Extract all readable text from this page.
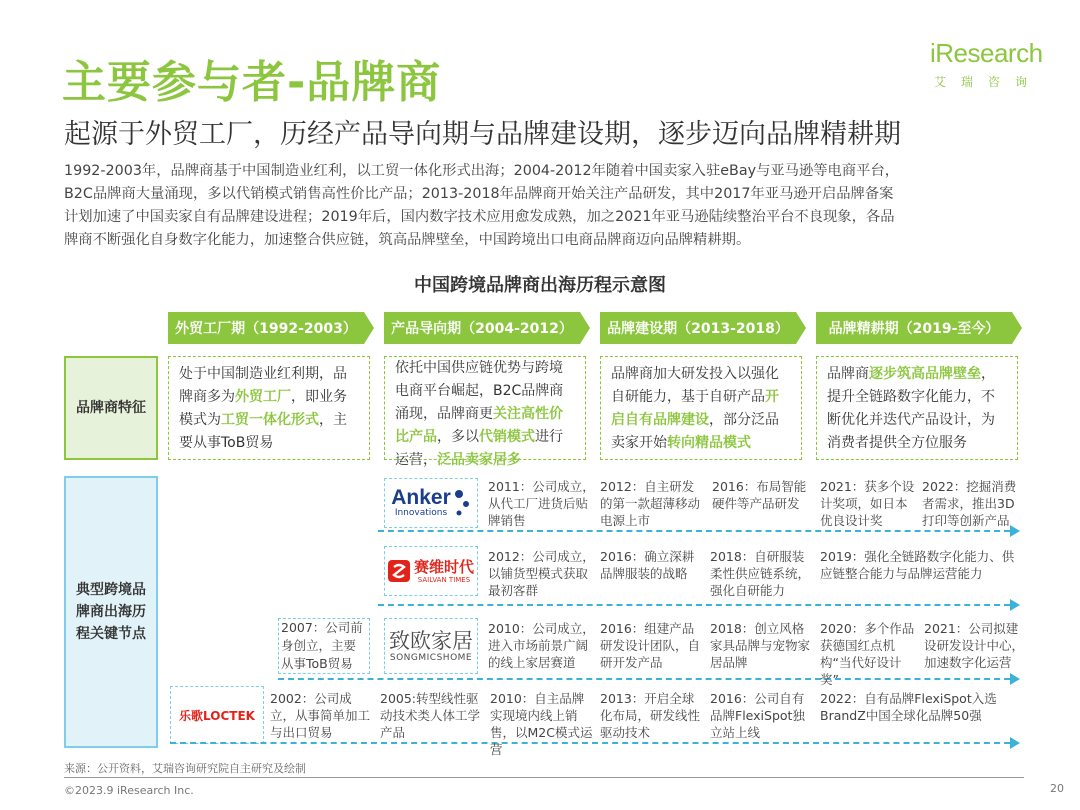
主要参与者-品牌商
iResearch
艾瑞咨询
起源于外贸工厂，历经产品导向期与品牌建设期，逐步迈向品牌精耕期
1992-2003年，品牌商基于中国制造业红利，以工贸一体化形式出海；2004-2012年随着中国卖家入驻eBay与亚马逊等电商平台，
B2C品牌商大量涌现，多以代销模式销售高性价比产品；2013-2018年品牌商开始关注产品研发，其中2017年亚马逊开启品牌备案
计划加速了中国卖家自有品牌建设进程；2019年后，国内数字技术应用愈发成熟，加之2021年亚马逊陆续整治平台不良现象，各品
牌商不断强化自身数字化能力，加速整合供应链，筑高品牌壁垒，中国跨境出口电商品牌商迈向品牌精耕期。
中国跨境品牌商出海历程示意图
外贸工厂期（1992-2003） 产品导向期（2004-2012） 品牌建设期（2013-2018）	品牌精耕期（2019-至今）
品牌商特征
典型跨境品牌商出海历程关键节点
处于中国制造业红利期，品牌商多为外贸工厂，即业务模式为工贸一体化形式，主要从事ToB贸易
依托中国供应链优势与跨境电商平台崛起，B2C品牌商涌现，品牌商更关注高性价比产品，多以代销模式进行运营，泛品卖家居多
品牌商加大研发投入以强化自研能力，基于自研产品开启自有品牌建设，部分泛品卖家开始转向精品模式
品牌商逐步筑高品牌壁垒，提升全链路数字化能力，不断优化并迭代产品设计，为消费者提供全方位服务
Anker
Innovations
2011：公司成立，从代工厂进货后贴牌销售
2012：自主研发的第一款超薄移动电源上市
2016：布局智能硬件等产品研发
2021：获多个设计奖项，如日本优良设计奖
2022：挖掘消费者需求，推出3D打印等创新产品
赛维时代
SAILVAN TIMES
2012：公司成立，以铺货型模式获取最初客群
2016：确立深耕品牌服装的战略
2018：自研服装柔性供应链系统，强化自研能力
2019：强化全链路数字化能力、供应链整合能力与品牌运营能力
2007：公司前身创立，主要从事ToB贸易
致欧家居
SONGMICSHOME
2010：公司成立，进入市场前景广阔的线上家居赛道
2016：组建产品研发设计团队，自研开发产品
2018：创立风格家具品牌与宠物家居品牌
2020：多个作品获德国红点机构“当代好设计奖”
2021：公司拟建设研发设计中心，加速数字化运营
乐歌LOCTEK
2002：公司成立，从事简单加工与出口贸易
2005:转型线性驱动技术类人体工学产品
2010：自主品牌实现境内线上销售，以M2C模式运营
2013：开启全球化布局，研发线性驱动技术
2016：公司自有品牌FlexiSpot独立站上线
2022：自有品牌FlexiSpot入选BrandZ中国全球化品牌50强
来源：公开资料，艾瑞咨询研究院自主研究及绘制
©2023.9 iResearch Inc.	20
